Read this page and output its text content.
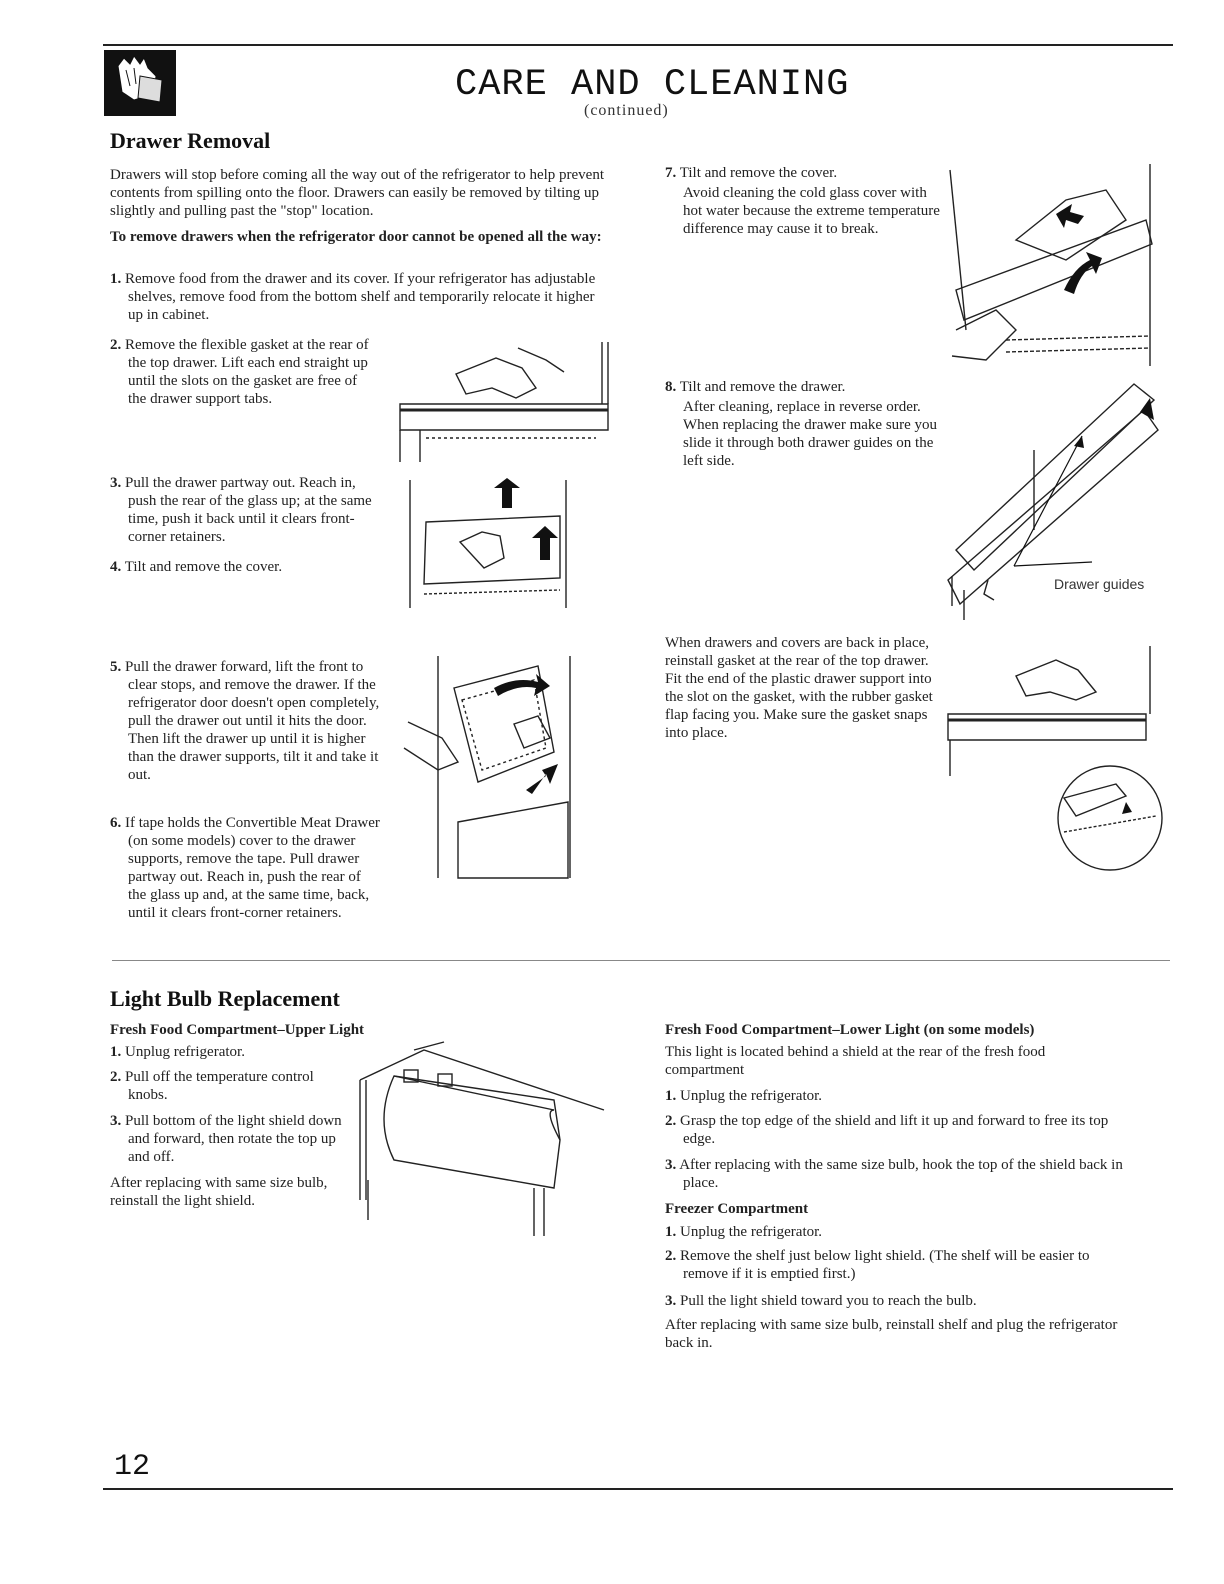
CARE AND CLEANING
(continued)
Drawer Removal
Drawers will stop before coming all the way out of the refrigerator to help prevent contents from spilling onto the floor. Drawers can easily be removed by tilting up slightly and pulling past the "stop" location.
To remove drawers when the refrigerator door cannot be opened all the way:
1. Remove food from the drawer and its cover. If your refrigerator has adjustable shelves, remove food from the bottom shelf and temporarily relocate it higher up in cabinet.
2. Remove the flexible gasket at the rear of the top drawer. Lift each end straight up until the slots on the gasket are free of the drawer support tabs.
3. Pull the drawer partway out. Reach in, push the rear of the glass up; at the same time, push it back until it clears front-corner retainers.
4. Tilt and remove the cover.
5. Pull the drawer forward, lift the front to clear stops, and remove the drawer. If the refrigerator door doesn't open completely, pull the drawer out until it hits the door. Then lift the drawer up until it is higher than the drawer supports, tilt it and take it out.
6. If tape holds the Convertible Meat Drawer (on some models) cover to the drawer supports, remove the tape. Pull drawer partway out. Reach in, push the rear of the glass up and, at the same time, back, until it clears front-corner retainers.
7. Tilt and remove the cover.
Avoid cleaning the cold glass cover with hot water because the extreme temperature difference may cause it to break.
8. Tilt and remove the drawer.
After cleaning, replace in reverse order. When replacing the drawer make sure you slide it through both drawer guides on the left side.
Drawer guides
When drawers and covers are back in place, reinstall gasket at the rear of the top drawer. Fit the end of the plastic drawer support into the slot on the gasket, with the rubber gasket flap facing you. Make sure the gasket snaps into place.
Light Bulb Replacement
Fresh Food Compartment–Upper Light
1. Unplug refrigerator.
2. Pull off the temperature control knobs.
3. Pull bottom of the light shield down and forward, then rotate the top up and off.
After replacing with same size bulb, reinstall the light shield.
Fresh Food Compartment–Lower Light (on some models)
This light is located behind a shield at the rear of the fresh food compartment
1. Unplug the refrigerator.
2. Grasp the top edge of the shield and lift it up and forward to free its top edge.
3. After replacing with the same size bulb, hook the top of the shield back in place.
Freezer Compartment
1. Unplug the refrigerator.
2. Remove the shelf just below light shield. (The shelf will be easier to remove if it is emptied first.)
3. Pull the light shield toward you to reach the bulb.
After replacing with same size bulb, reinstall shelf and plug the refrigerator back in.
12
